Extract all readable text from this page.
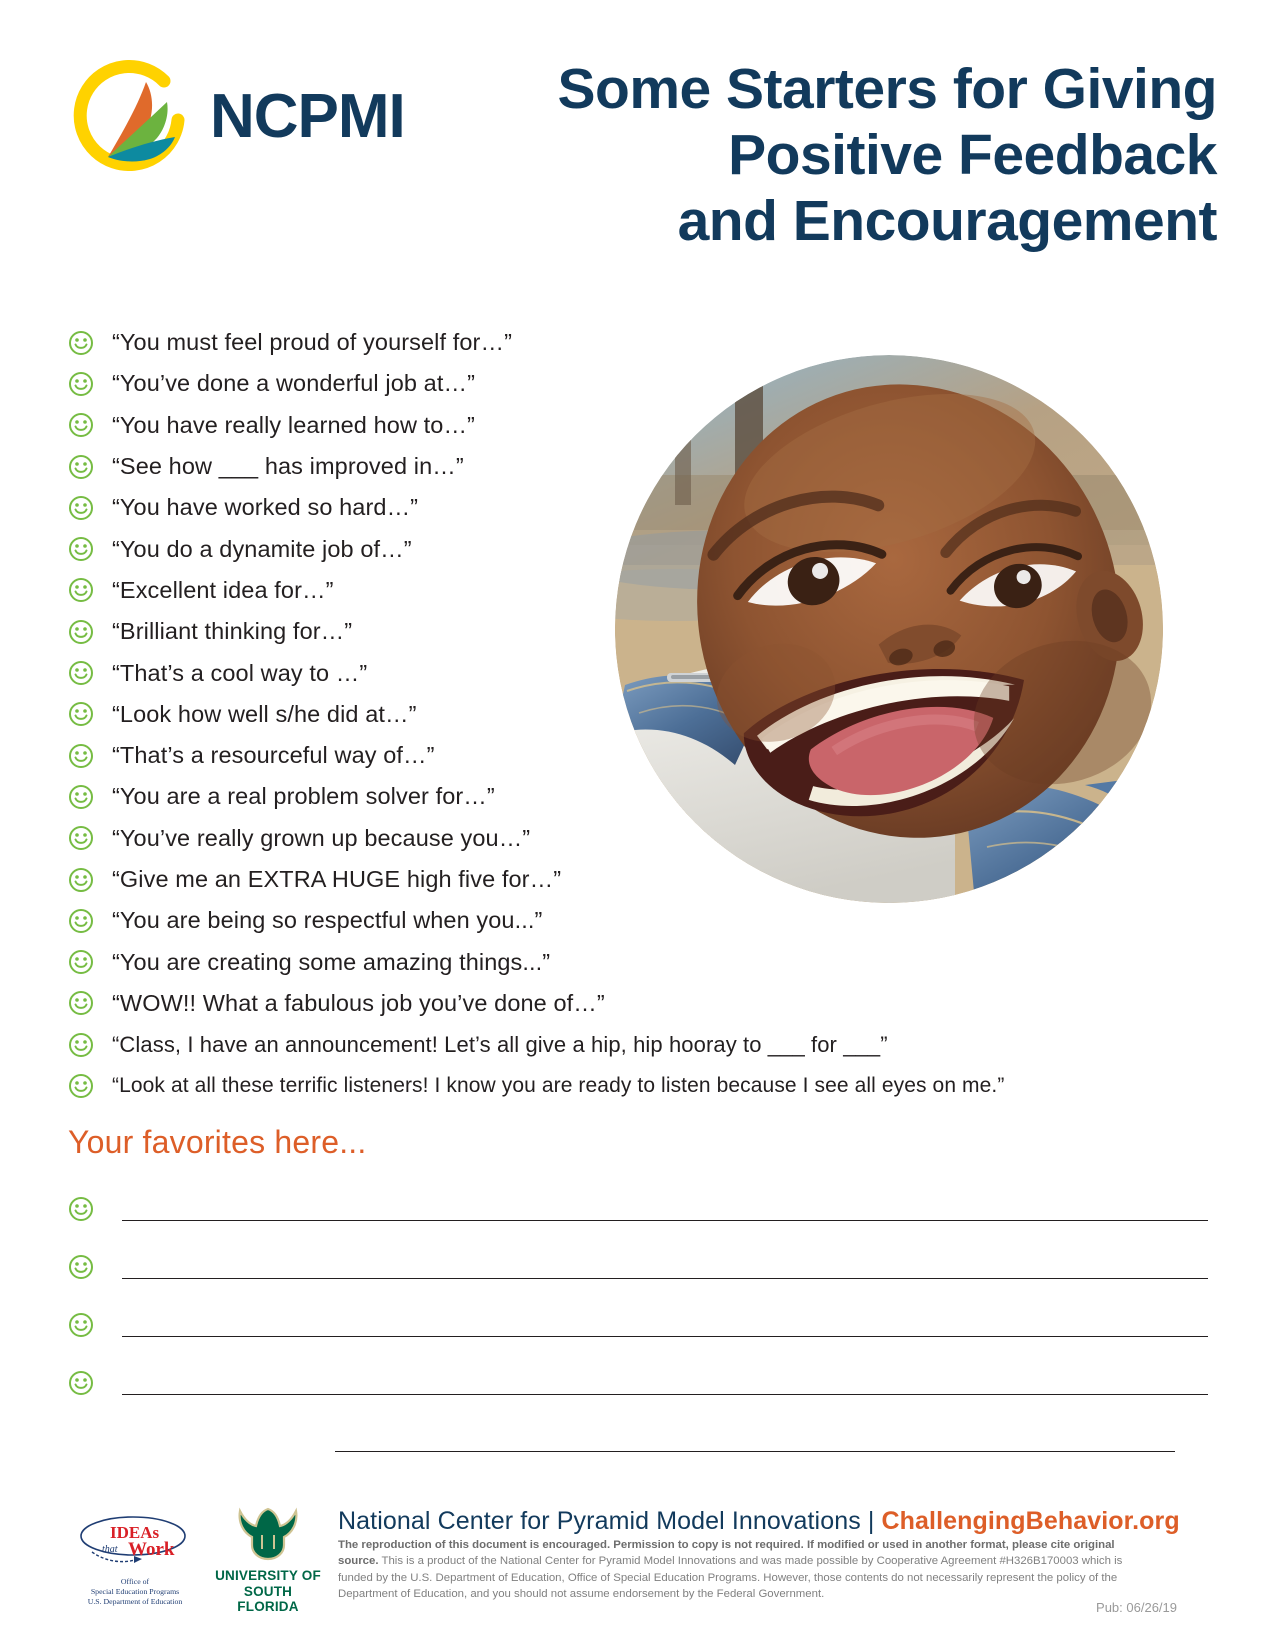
NCPMI	Some Starters for Giving
Positive Feedback
and Encouragement
“You must feel proud of yourself for…”
“You’ve done a wonderful job at…”
“You have really learned how to…”
“See how ___ has improved in…”
“You have worked so hard…”
“You do a dynamite job of…”
“Excellent idea for…”
“Brilliant thinking for…”
“That’s a cool way to …”
“Look how well s/he did at…”
“That’s a resourceful way of…”
“You are a real problem solver for…”
“You’ve really grown up because you…”
“Give me an EXTRA HUGE high five for…”
“You are being so respectful when you...”
“You are creating some amazing things...”
“WOW!! What a fabulous job you’ve done of…”
“Class, I have an announcement! Let’s all give a hip, hip hooray to ___ for ___”
“Look at all these terrific listeners! I know you are ready to listen because I see all eyes on me.”
Your favorites here...
IDEAs
that Work
Office of
Special Education Programs
U.S. Department of Education
UNIVERSITY OF
SOUTH FLORIDA
National Center for Pyramid Model Innovations | ChallengingBehavior.org
The reproduction of this document is encouraged. Permission to copy is not required. If modified or used in another format, please cite original source. This is a product of the National Center for Pyramid Model Innovations and was made possible by Cooperative Agreement #H326B170003 which is funded by the U.S. Department of Education, Office of Special Education Programs. However, those contents do not necessarily represent the policy of the Department of Education, and you should not assume endorsement by the Federal Government.
Pub: 06/26/19
